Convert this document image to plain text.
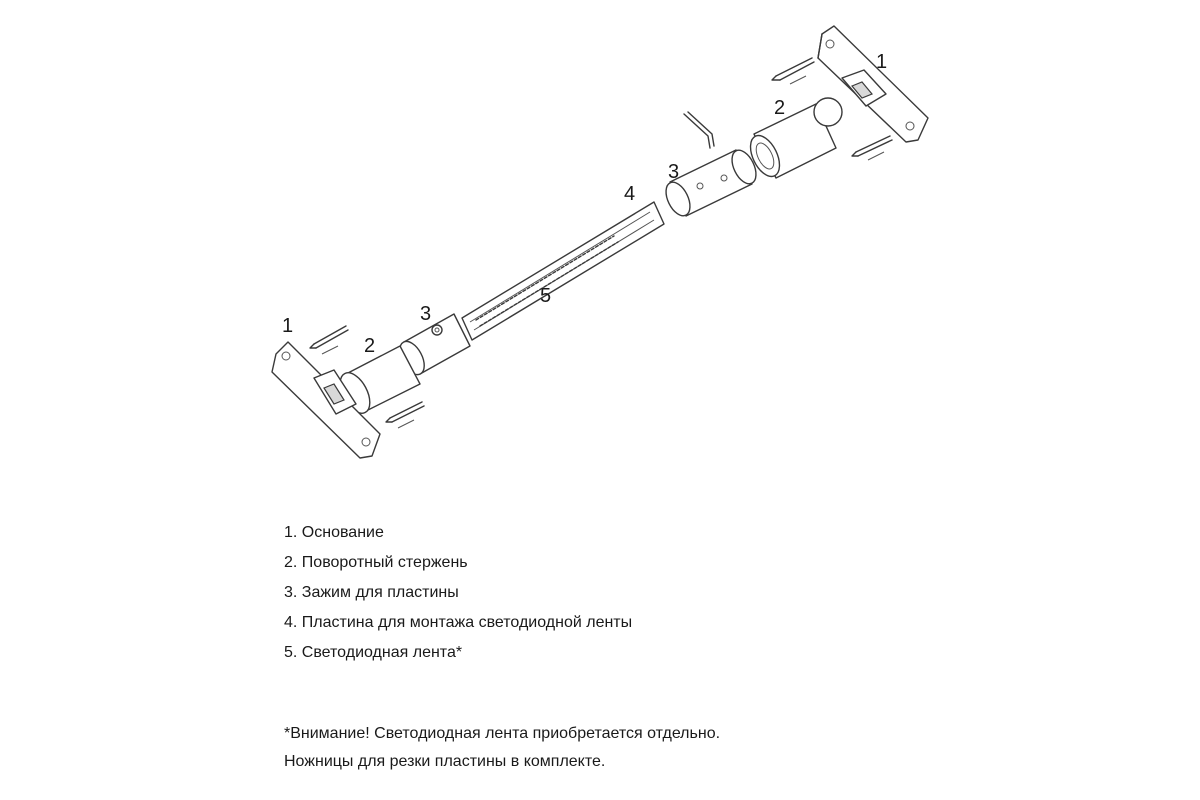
1
2
3
4
5
3
2
1
1. Основание
2. Поворотный стержень
3. Зажим для пластины
4. Пластина для монтажа светодиодной ленты
5. Светодиодная лента*
*Внимание! Светодиодная лента приобретается отдельно.
Ножницы для резки пластины в комплекте.
